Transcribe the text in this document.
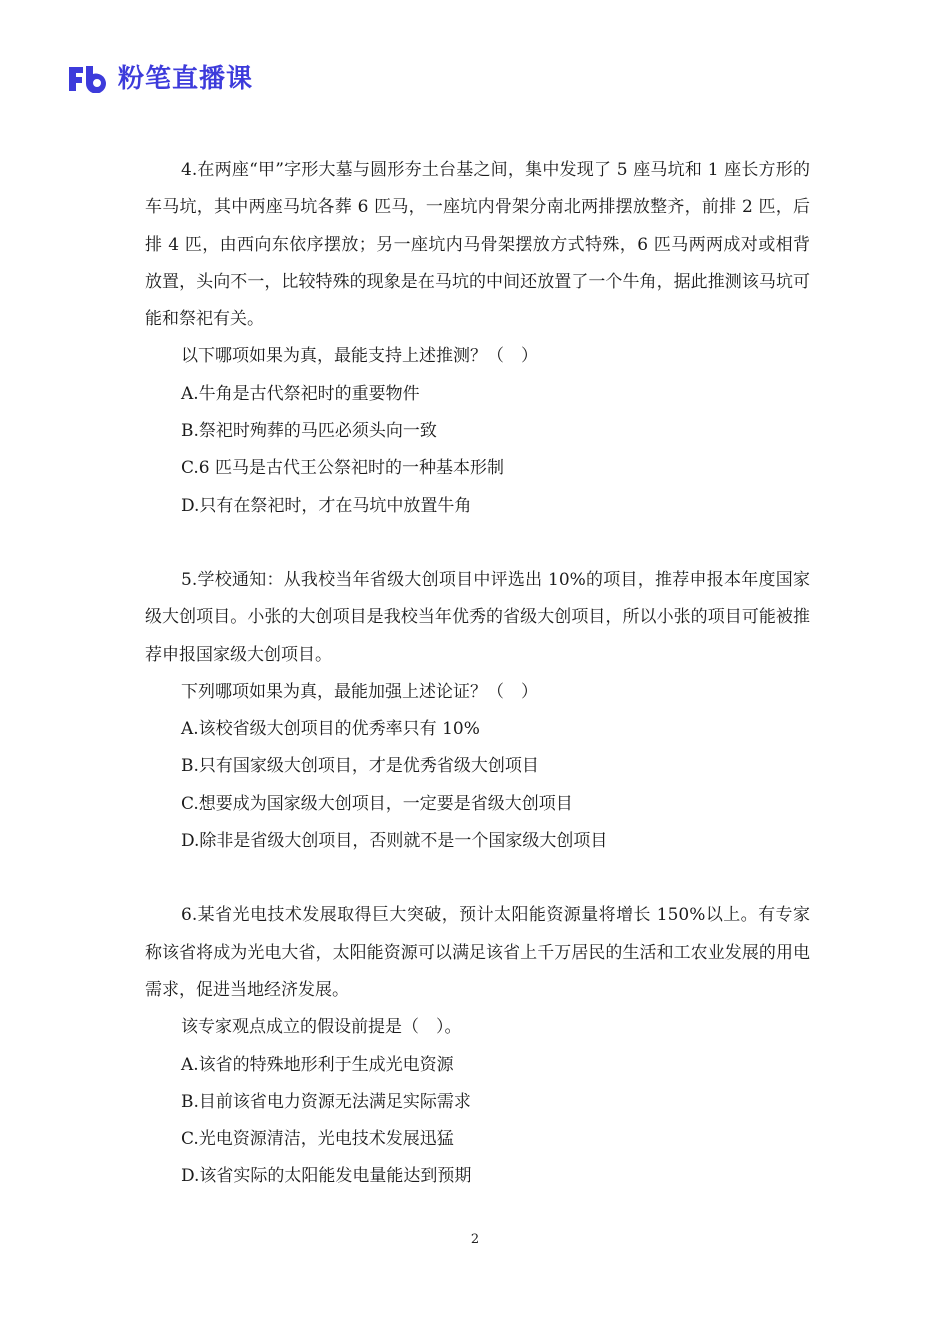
粉笔直播课

4.在两座“甲”字形大墓与圆形夯土台基之间，集中发现了 5 座马坑和 1 座长方形的车马坑，其中两座马坑各葬 6 匹马，一座坑内骨架分南北两排摆放整齐，前排 2 匹，后排 4 匹，由西向东依序摆放；另一座坑内马骨架摆放方式特殊，6 匹马两两成对或相背放置，头向不一，比较特殊的现象是在马坑的中间还放置了一个牛角，据此推测该马坑可能和祭祀有关。

以下哪项如果为真，最能支持上述推测？（　）

A.牛角是古代祭祀时的重要物件

B.祭祀时殉葬的马匹必须头向一致

C.6 匹马是古代王公祭祀时的一种基本形制

D.只有在祭祀时，才在马坑中放置牛角

5.学校通知：从我校当年省级大创项目中评选出 10%的项目，推荐申报本年度国家级大创项目。小张的大创项目是我校当年优秀的省级大创项目，所以小张的项目可能被推荐申报国家级大创项目。

下列哪项如果为真，最能加强上述论证？（　）

A.该校省级大创项目的优秀率只有 10%

B.只有国家级大创项目，才是优秀省级大创项目

C.想要成为国家级大创项目，一定要是省级大创项目

D.除非是省级大创项目，否则就不是一个国家级大创项目

6.某省光电技术发展取得巨大突破，预计太阳能资源量将增长 150%以上。有专家称该省将成为光电大省，太阳能资源可以满足该省上千万居民的生活和工农业发展的用电需求，促进当地经济发展。

该专家观点成立的假设前提是（　）。

A.该省的特殊地形利于生成光电资源

B.目前该省电力资源无法满足实际需求

C.光电资源清洁，光电技术发展迅猛

D.该省实际的太阳能发电量能达到预期

2
